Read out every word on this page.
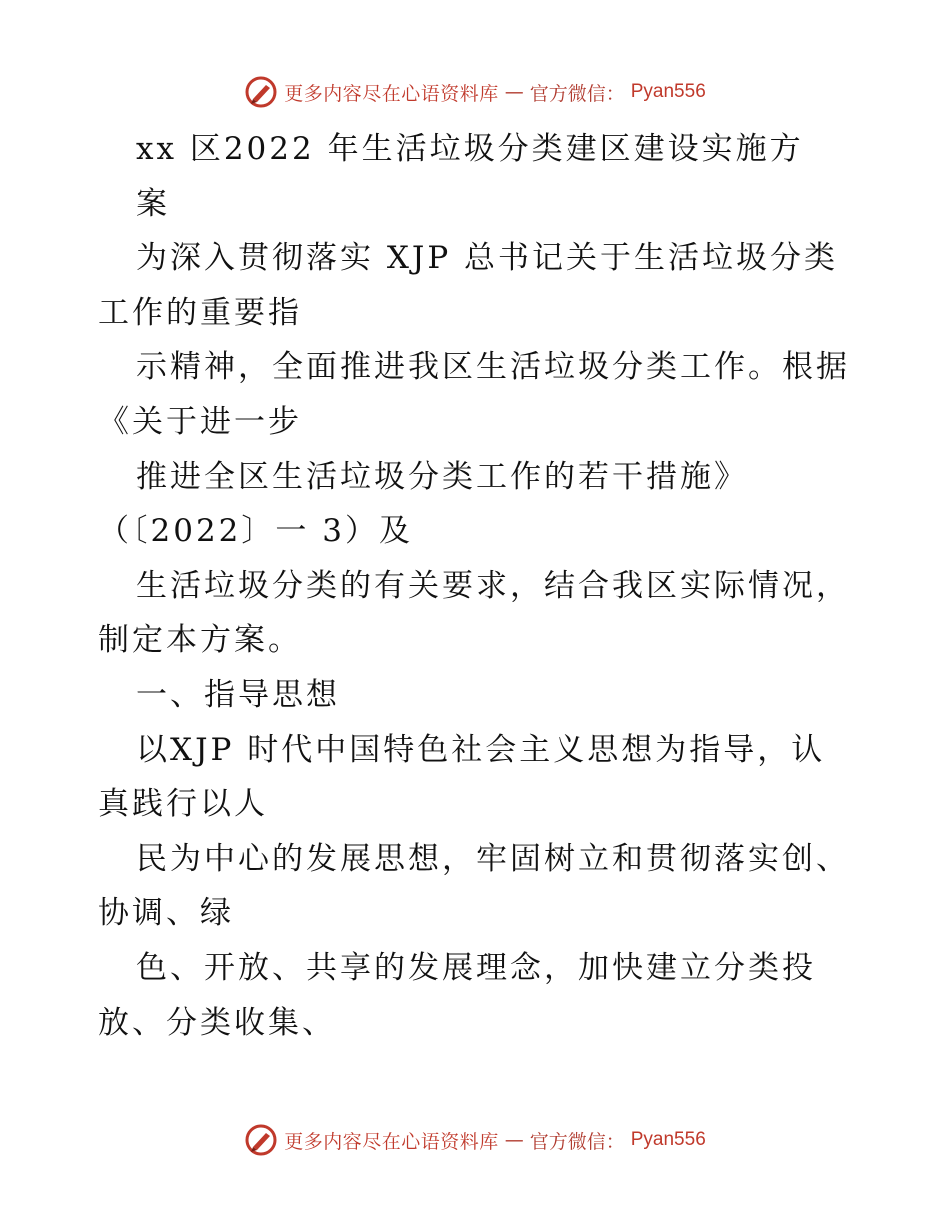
更多内容尽在心语资料库 — 官方微信： Pyan556
xx 区2022 年生活垃圾分类建区建设实施方
案
为深入贯彻落实 XJP 总书记关于生活垃圾分类
工作的重要指
示精神，全面推进我区生活垃圾分类工作。根据
《关于进一步
推进全区生活垃圾分类工作的若干措施》
（〔2022〕一 3）及
生活垃圾分类的有关要求，结合我区实际情况，
制定本方案。
一、指导思想
以XJP 时代中国特色社会主义思想为指导，认
真践行以人
民为中心的发展思想，牢固树立和贯彻落实创、
协调、绿
色、开放、共享的发展理念，加快建立分类投
放、分类收集、
更多内容尽在心语资料库 — 官方微信： Pyan556
